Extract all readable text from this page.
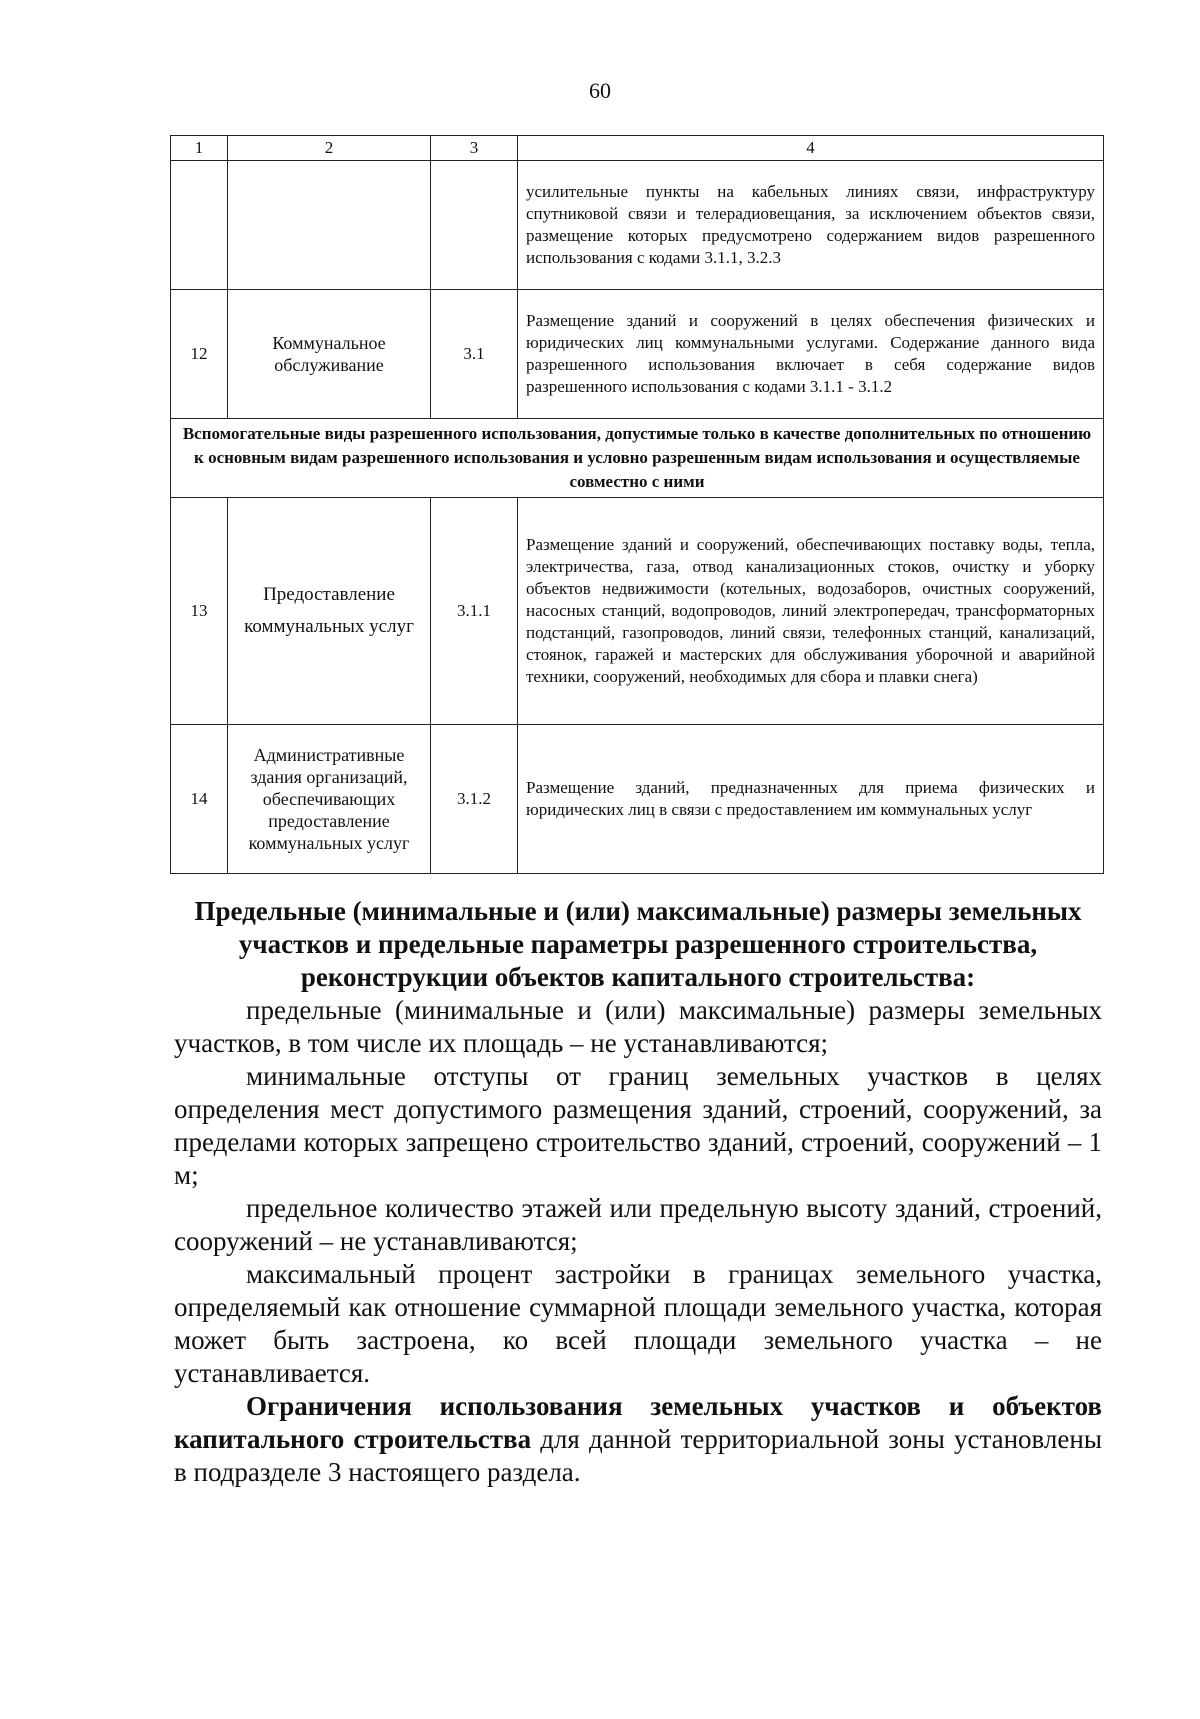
60
1	2	3	4
			усилительные пункты на кабельных линиях связи, инфраструктуру спутниковой связи и телерадиовещания, за исключением объектов связи, размещение которых предусмотрено содержанием видов разрешенного использования с кодами 3.1.1, 3.2.3
12	Коммунальное обслуживание	3.1	Размещение зданий и сооружений в целях обеспечения физических и юридических лиц коммунальными услугами. Содержание данного вида разрешенного использования включает в себя содержание видов разрешенного использования с кодами 3.1.1 - 3.1.2
Вспомогательные виды разрешенного использования, допустимые только в качестве дополнительных по отношению к основным видам разрешенного использования и условно разрешенным видам использования и осуществляемые совместно с ними			
13	Предоставление коммунальных услуг	3.1.1	Размещение зданий и сооружений, обеспечивающих поставку воды, тепла, электричества, газа, отвод канализационных стоков, очистку и уборку объектов недвижимости (котельных, водозаборов, очистных сооружений, насосных станций, водопроводов, линий электропередач, трансформаторных подстанций, газопроводов, линий связи, телефонных станций, канализаций, стоянок, гаражей и мастерских для обслуживания уборочной и аварийной техники, сооружений, необходимых для сбора и плавки снега)
14	Административные здания организаций, обеспечивающих предоставление коммунальных услуг	3.1.2	Размещение зданий, предназначенных для приема физических и юридических лиц в связи с предоставлением им коммунальных услуг

Предельные (минимальные и (или) максимальные) размеры земельных участков и предельные параметры разрешенного строительства, реконструкции объектов капитального строительства:

предельные (минимальные и (или) максимальные) размеры земельных участков, в том числе их площадь – не устанавливаются;

минимальные отступы от границ земельных участков в целях определения мест допустимого размещения зданий, строений, сооружений, за пределами которых запрещено строительство зданий, строений, сооружений – 1 м;

предельное количество этажей или предельную высоту зданий, строений, сооружений – не устанавливаются;

максимальный процент застройки в границах земельного участка, определяемый как отношение суммарной площади земельного участка, которая может быть застроена, ко всей площади земельного участка – не устанавливается.

Ограничения использования земельных участков и объектов капитального строительства для данной территориальной зоны установлены в подразделе 3 настоящего раздела.
